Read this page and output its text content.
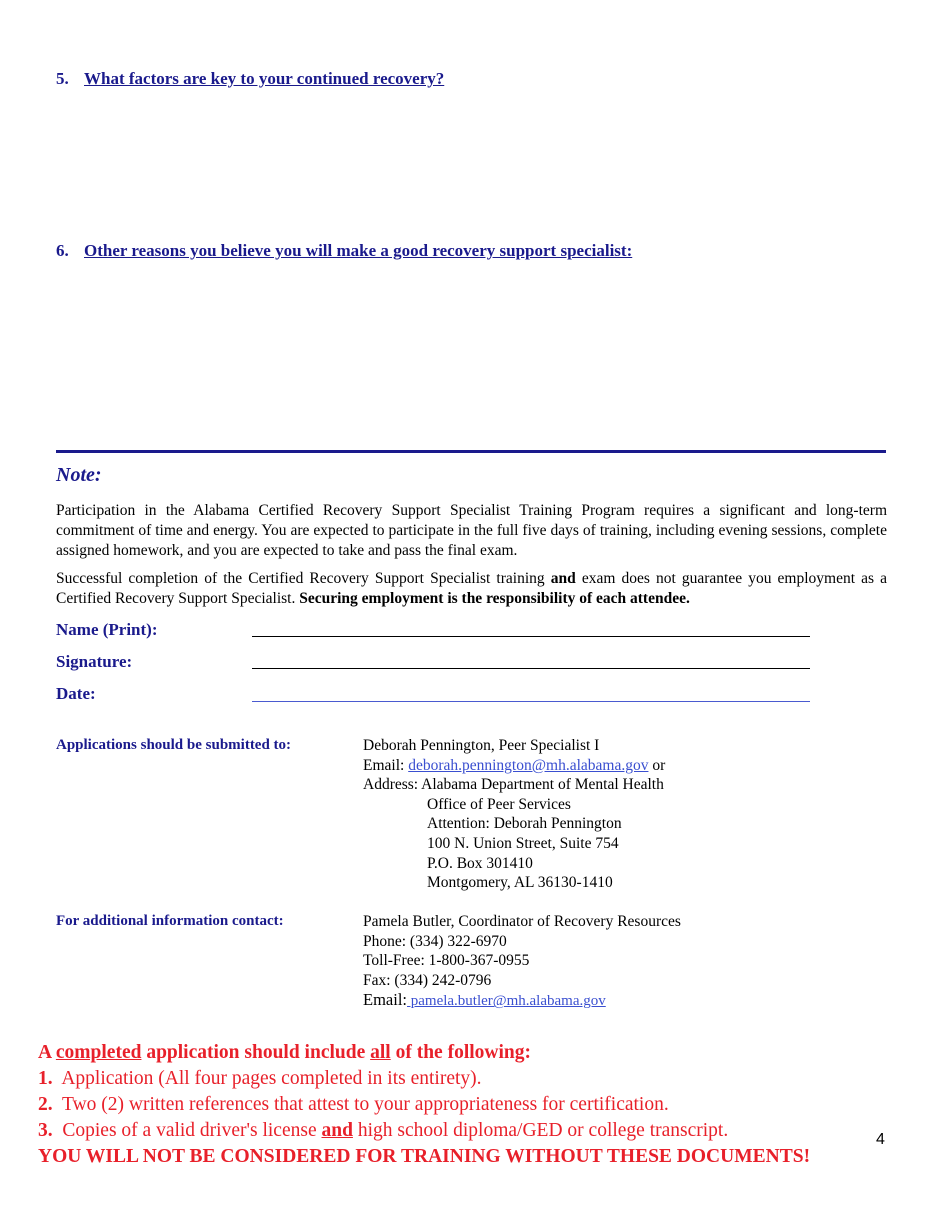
5. What factors are key to your continued recovery?
6. Other reasons you believe you will make a good recovery support specialist:
Note:
Participation in the Alabama Certified Recovery Support Specialist Training Program requires a significant and long-term commitment of time and energy. You are expected to participate in the full five days of training, including evening sessions, complete assigned homework, and you are expected to take and pass the final exam.
Successful completion of the Certified Recovery Support Specialist training and exam does not guarantee you employment as a Certified Recovery Support Specialist. Securing employment is the responsibility of each attendee.
Name (Print):
Signature:
Date:
Applications should be submitted to:	Deborah Pennington, Peer Specialist I
Email: deborah.pennington@mh.alabama.gov or
Address: Alabama Department of Mental Health
Office of Peer Services
Attention: Deborah Pennington
100 N. Union Street, Suite 754
P.O. Box 301410
Montgomery, AL 36130-1410
For additional information contact:	Pamela Butler, Coordinator of Recovery Resources
Phone: (334) 322-6970
Toll-Free: 1-800-367-0955
Fax: (334) 242-0796
Email: pamela.butler@mh.alabama.gov
A completed application should include all of the following:
1. Application (All four pages completed in its entirety).
2. Two (2) written references that attest to your appropriateness for certification.
3. Copies of a valid driver's license and high school diploma/GED or college transcript.
YOU WILL NOT BE CONSIDERED FOR TRAINING WITHOUT THESE DOCUMENTS!
4
